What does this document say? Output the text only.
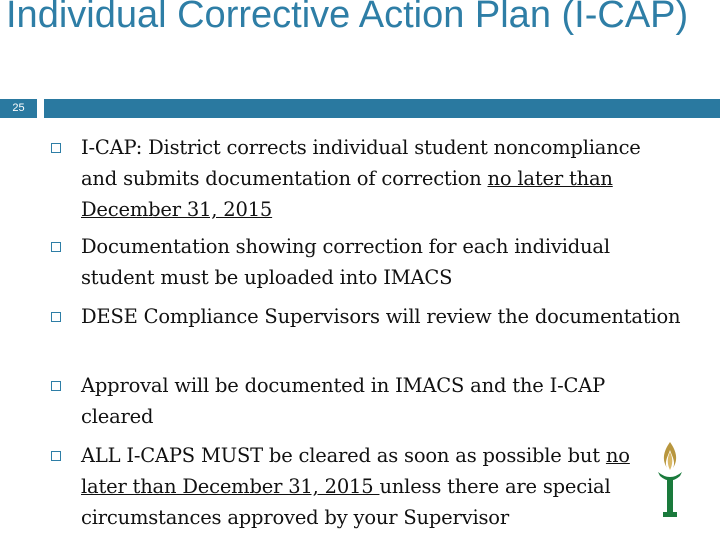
Individual Corrective Action Plan (I-CAP)
25

I-CAP: District corrects individual student noncompliance and submits documentation of correction no later than December 31, 2015

Documentation showing correction for each individual student must be uploaded into IMACS

DESE Compliance Supervisors will review the documentation

Approval will be documented in IMACS and the I-CAP cleared

ALL I-CAPS MUST be cleared as soon as possible but no later than December 31, 2015 unless there are special circumstances approved by your Supervisor
